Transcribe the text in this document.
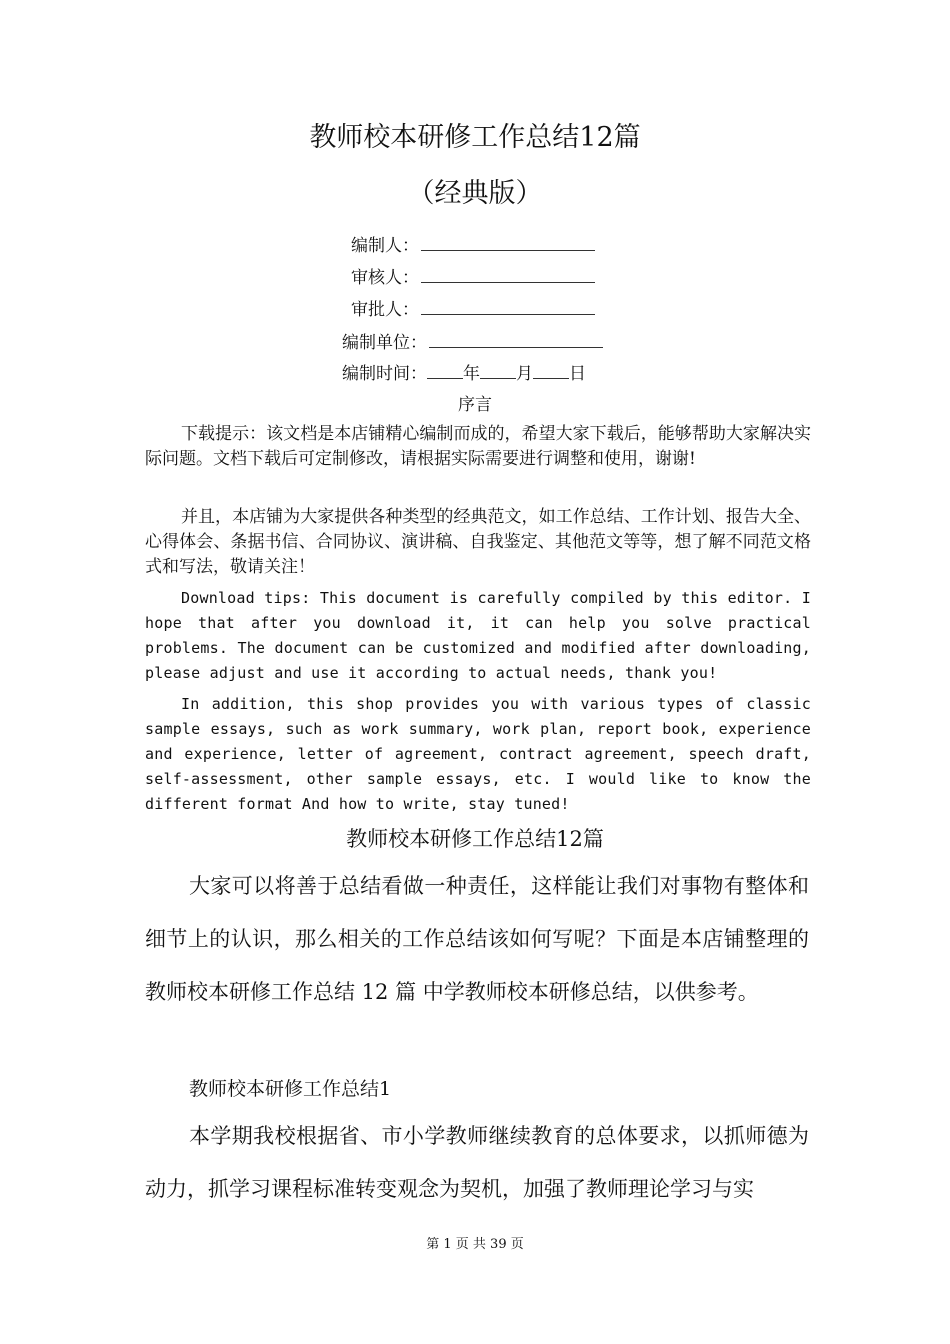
教师校本研修工作总结12篇
（经典版）
编制人：
审核人：
审批人：
编制单位：
编制时间： 年 月 日
序言
下载提示：该文档是本店铺精心编制而成的，希望大家下载后，能够帮助大家解决实际问题。文档下载后可定制修改，请根据实际需要进行调整和使用，谢谢!
并且，本店铺为大家提供各种类型的经典范文，如工作总结、工作计划、报告大全、心得体会、条据书信、合同协议、演讲稿、自我鉴定、其他范文等等，想了解不同范文格式和写法，敬请关注！
Download tips: This document is carefully compiled by this editor. I hope that after you download it, it can help you solve practical problems. The document can be customized and modified after downloading, please adjust and use it according to actual needs, thank you!
In addition, this shop provides you with various types of classic sample essays, such as work summary, work plan, report book, experience and experience, letter of agreement, contract agreement, speech draft, self-assessment, other sample essays, etc. I would like to know the different format And how to write, stay tuned!
教师校本研修工作总结12篇
大家可以将善于总结看做一种责任，这样能让我们对事物有整体和细节上的认识，那么相关的工作总结该如何写呢？下面是本店铺整理的教师校本研修工作总结 12 篇 中学教师校本研修总结，以供参考。
教师校本研修工作总结1
本学期我校根据省、市小学教师继续教育的总体要求，以抓师德为动力，抓学习课程标准转变观念为契机，加强了教师理论学习与实
第 1 页 共 39 页
